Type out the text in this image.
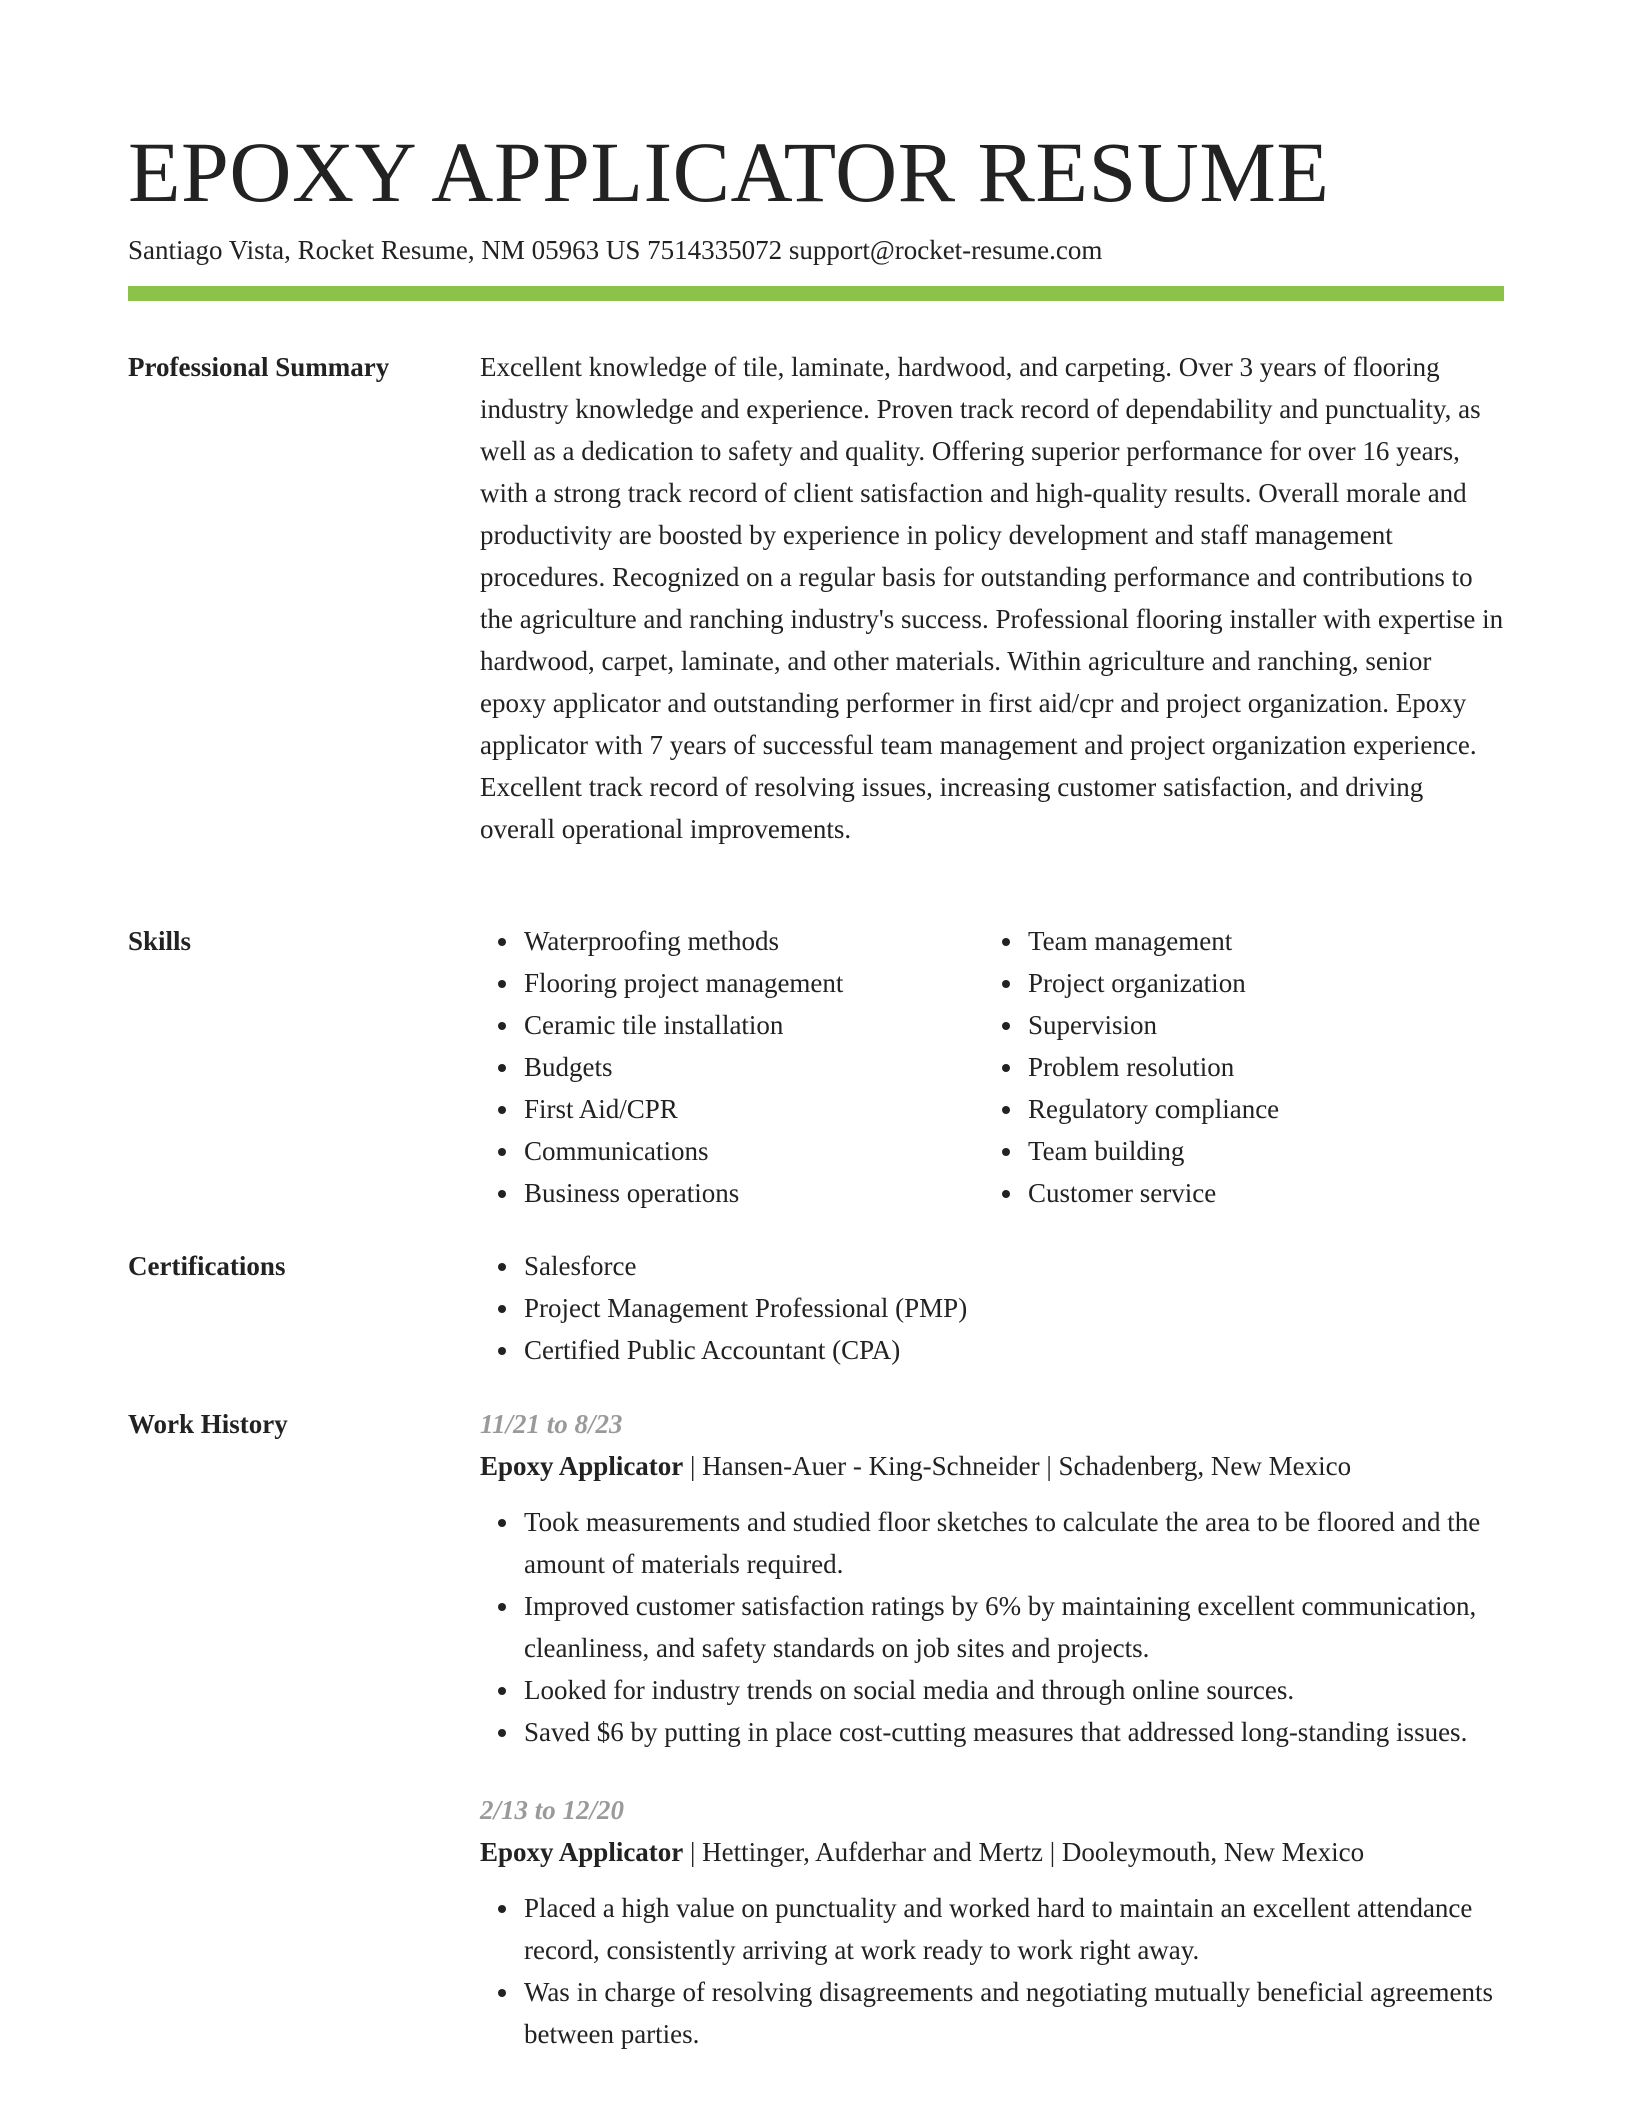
EPOXY APPLICATOR RESUME
Santiago Vista, Rocket Resume, NM 05963 US 7514335072 support@rocket-resume.com
Professional Summary	Excellent knowledge of tile, laminate, hardwood, and carpeting. Over 3 years of flooring industry knowledge and experience. Proven track record of dependability and punctuality, as well as a dedication to safety and quality. Offering superior performance for over 16 years, with a strong track record of client satisfaction and high-quality results. Overall morale and productivity are boosted by experience in policy development and staff management procedures. Recognized on a regular basis for outstanding performance and contributions to the agriculture and ranching industry's success. Professional flooring installer with expertise in hardwood, carpet, laminate, and other materials. Within agriculture and ranching, senior epoxy applicator and outstanding performer in first aid/cpr and project organization. Epoxy applicator with 7 years of successful team management and project organization experience. Excellent track record of resolving issues, increasing customer satisfaction, and driving overall operational improvements.

Skills	Waterproofing methods
Flooring project management
Ceramic tile installation
Budgets
First Aid/CPR
Communications
Business operations
Team management
Project organization
Supervision
Problem resolution
Regulatory compliance
Team building
Customer service
Certifications	Salesforce
Project Management Professional (PMP)
Certified Public Accountant (CPA)
Work History	11/21 to 8/23
Epoxy Applicator | Hansen-Auer - King-Schneider | Schadenberg, New Mexico
Took measurements and studied floor sketches to calculate the area to be floored and the amount of materials required.
Improved customer satisfaction ratings by 6% by maintaining excellent communication, cleanliness, and safety standards on job sites and projects.
Looked for industry trends on social media and through online sources.
Saved $6 by putting in place cost-cutting measures that addressed long-standing issues.
2/13 to 12/20
Epoxy Applicator | Hettinger, Aufderhar and Mertz | Dooleymouth, New Mexico
Placed a high value on punctuality and worked hard to maintain an excellent attendance record, consistently arriving at work ready to work right away.
Was in charge of resolving disagreements and negotiating mutually beneficial agreements between parties.
